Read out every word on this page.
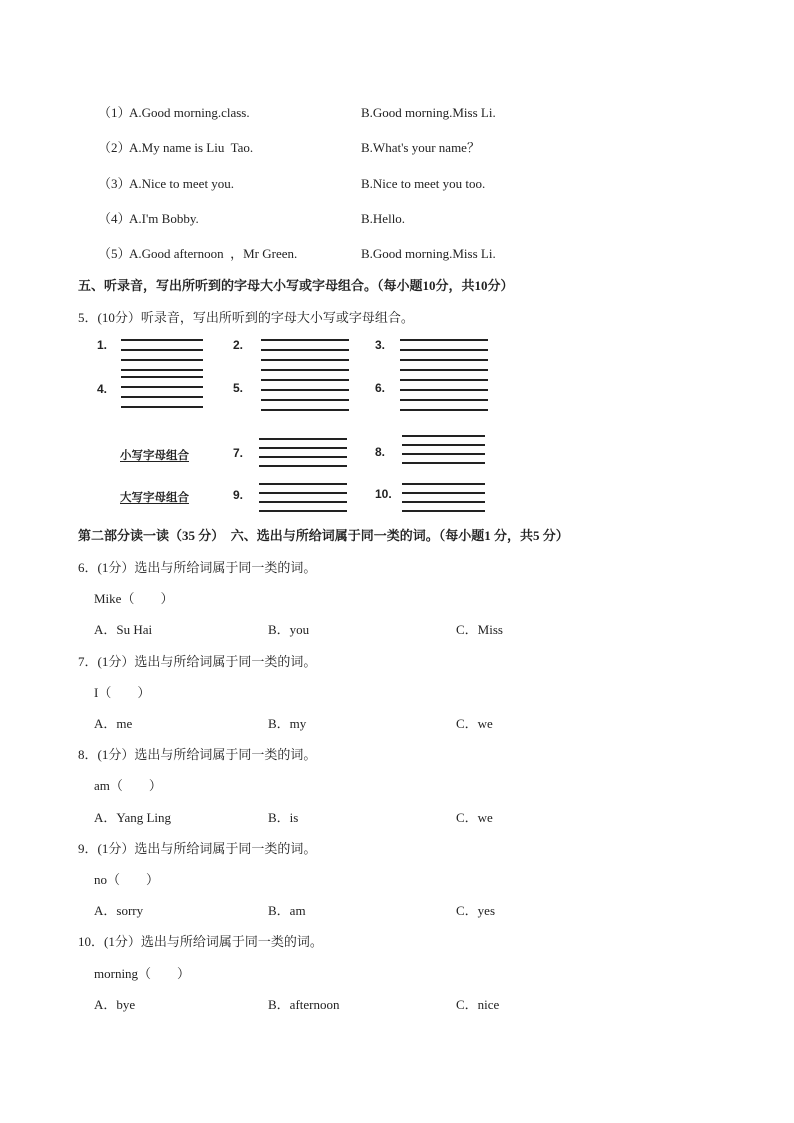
（1）
A.Good morning.class.	B.Good morning.Miss Li.
（2）
A.My name is Liu  Tao.	B.What's your name？
（3）
A.Nice to meet you.	B.Nice to meet you too.
（4）
A.I'm Bobby.	B.Hello.
（5）
A.Good afternoon  ，Mr Green.	B.Good morning.Miss Li.
五、听录音，写出所听到的字母大小写或字母组合。（每小题10分，共10分）
5．(10分）听录音，写出所听到的字母大小写或字母组合。
1.	2.	3.
4.	5.	6.
小写字母组合	7.	8.
大写字母组合	9.	10.
第二部分读一读（35 分）  六、选出与所给词属于同一类的词。（每小题1 分，共5 分）
6．(1分）选出与所给词属于同一类的词。
Mike（        ）
A．Su Hai	B．you	C．Miss
7．(1分）选出与所给词属于同一类的词。
I（        ）
A．me	B．my	C．we
8．(1分）选出与所给词属于同一类的词。
am（        ）
A．Yang Ling	B．is	C．we
9．(1分）选出与所给词属于同一类的词。
no（        ）
A．sorry	B．am	C．yes
10．(1分）选出与所给词属于同一类的词。
morning（        ）
A．bye	B．afternoon	C．nice
